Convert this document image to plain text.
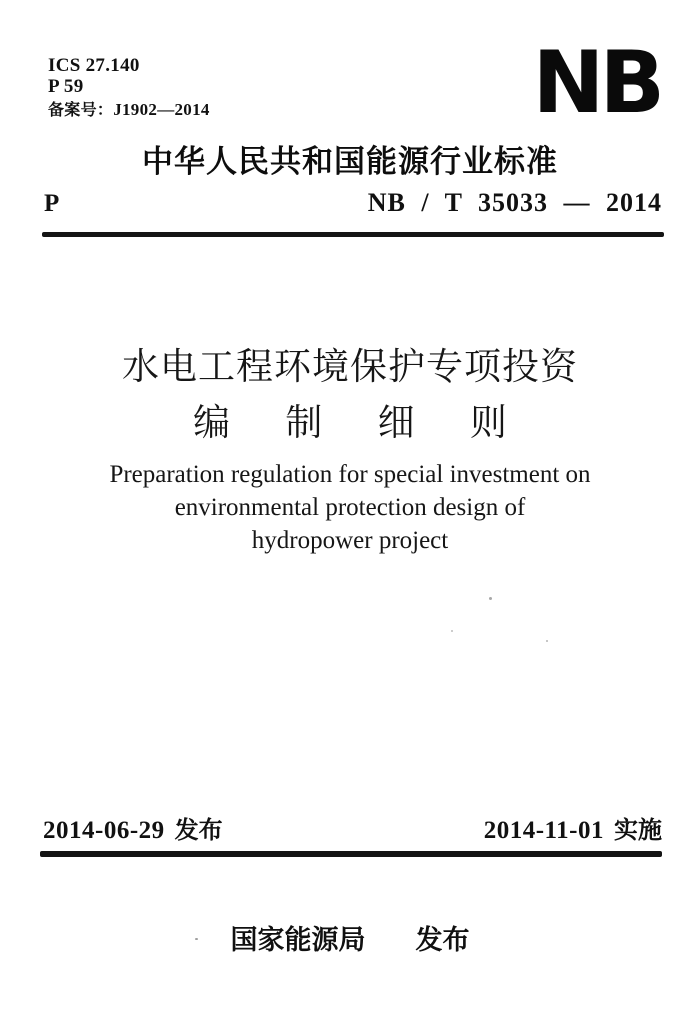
ICS 27.140
P 59
备案号：J1902—2014	NB
中华人民共和国能源行业标准
P	NB / T 35033 — 2014
水电工程环境保护专项投资
编 制 细 则
Preparation regulation for special investment on
environmental protection design of
hydropower project
2014-06-29 发布	2014-11-01 实施
国家能源局 发布
